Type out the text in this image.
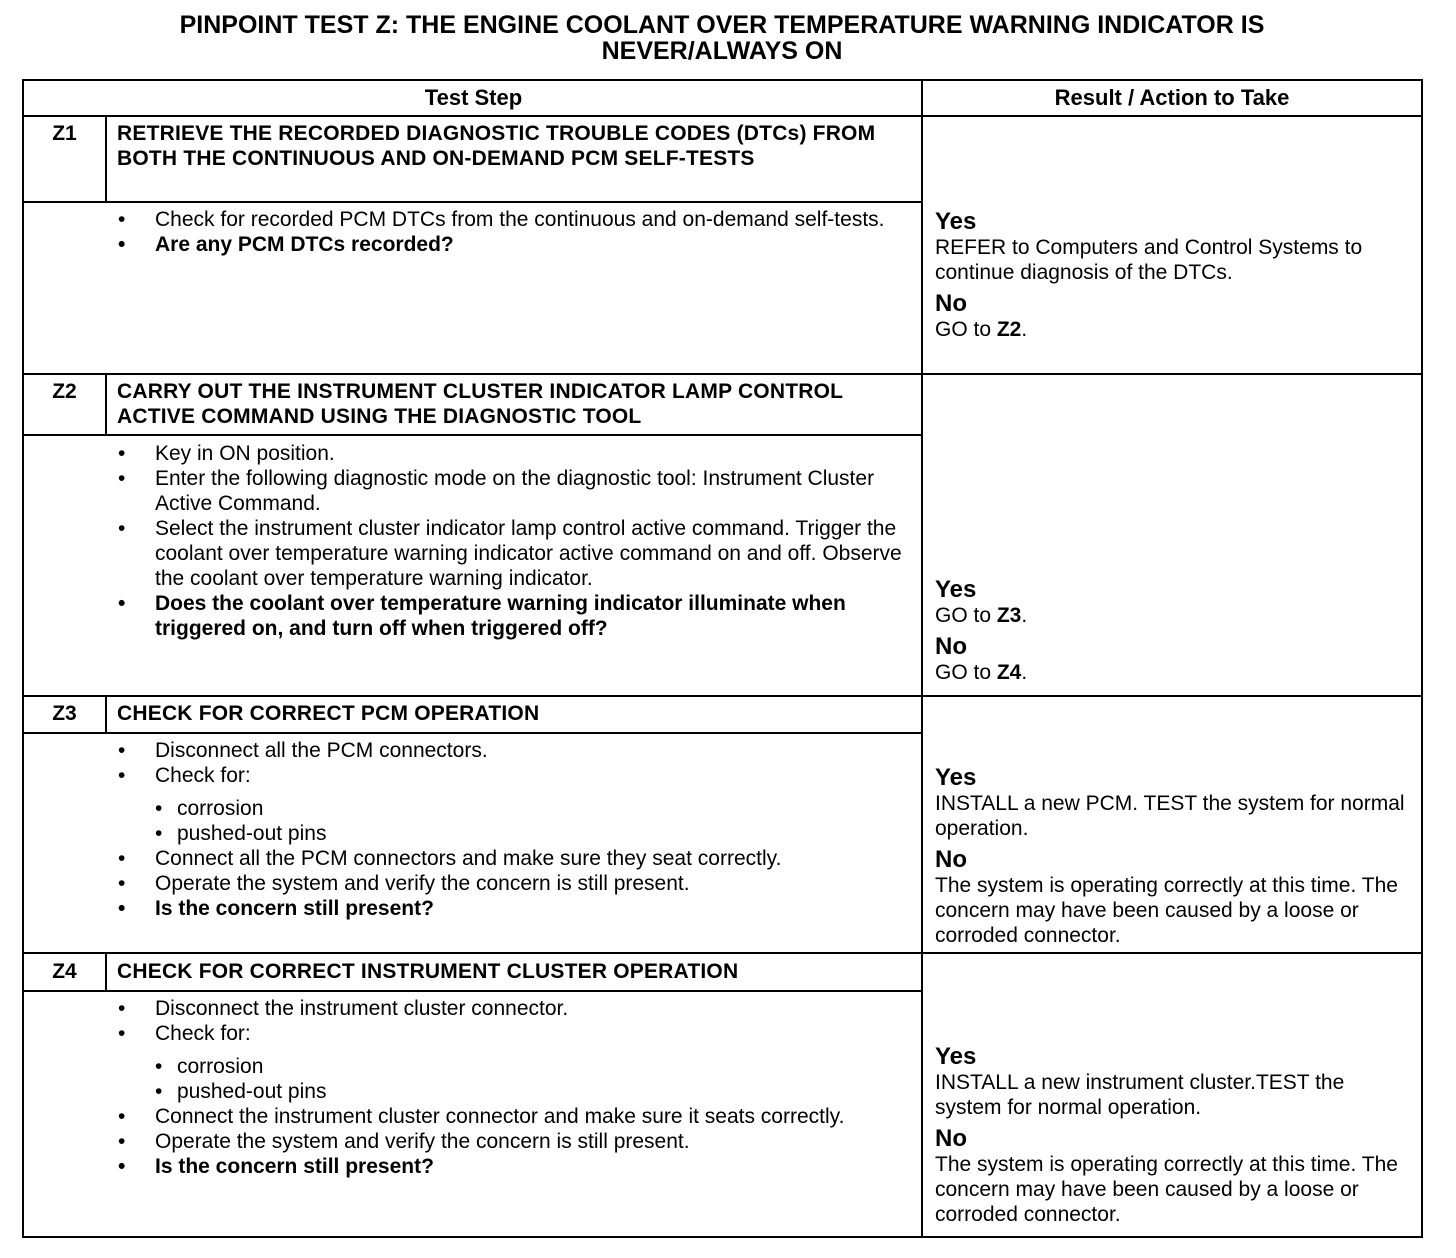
PINPOINT TEST Z: THE ENGINE COOLANT OVER TEMPERATURE WARNING INDICATOR IS
NEVER/ALWAYS ON
Test Step	Result / Action to Take
Z1	RETRIEVE THE RECORDED DIAGNOSTIC TROUBLE CODES (DTCs) FROM BOTH THE CONTINUOUS AND ON-DEMAND PCM SELF-TESTS
• Check for recorded PCM DTCs from the continuous and on-demand self-tests.
• Are any PCM DTCs recorded?
Yes
REFER to Computers and Control Systems to continue diagnosis of the DTCs.
No
GO to Z2.
Z2	CARRY OUT THE INSTRUMENT CLUSTER INDICATOR LAMP CONTROL ACTIVE COMMAND USING THE DIAGNOSTIC TOOL
• Key in ON position.
• Enter the following diagnostic mode on the diagnostic tool: Instrument Cluster Active Command.
• Select the instrument cluster indicator lamp control active command. Trigger the coolant over temperature warning indicator active command on and off. Observe the coolant over temperature warning indicator.
• Does the coolant over temperature warning indicator illuminate when triggered on, and turn off when triggered off?
Yes
GO to Z3.
No
GO to Z4.
Z3	CHECK FOR CORRECT PCM OPERATION
• Disconnect all the PCM connectors.
• Check for:
• corrosion
• pushed-out pins
• Connect all the PCM connectors and make sure they seat correctly.
• Operate the system and verify the concern is still present.
• Is the concern still present?
Yes
INSTALL a new PCM. TEST the system for normal operation.
No
The system is operating correctly at this time. The concern may have been caused by a loose or corroded connector.
Z4	CHECK FOR CORRECT INSTRUMENT CLUSTER OPERATION
• Disconnect the instrument cluster connector.
• Check for:
• corrosion
• pushed-out pins
• Connect the instrument cluster connector and make sure it seats correctly.
• Operate the system and verify the concern is still present.
• Is the concern still present?
Yes
INSTALL a new instrument cluster.TEST the system for normal operation.
No
The system is operating correctly at this time. The concern may have been caused by a loose or corroded connector.
